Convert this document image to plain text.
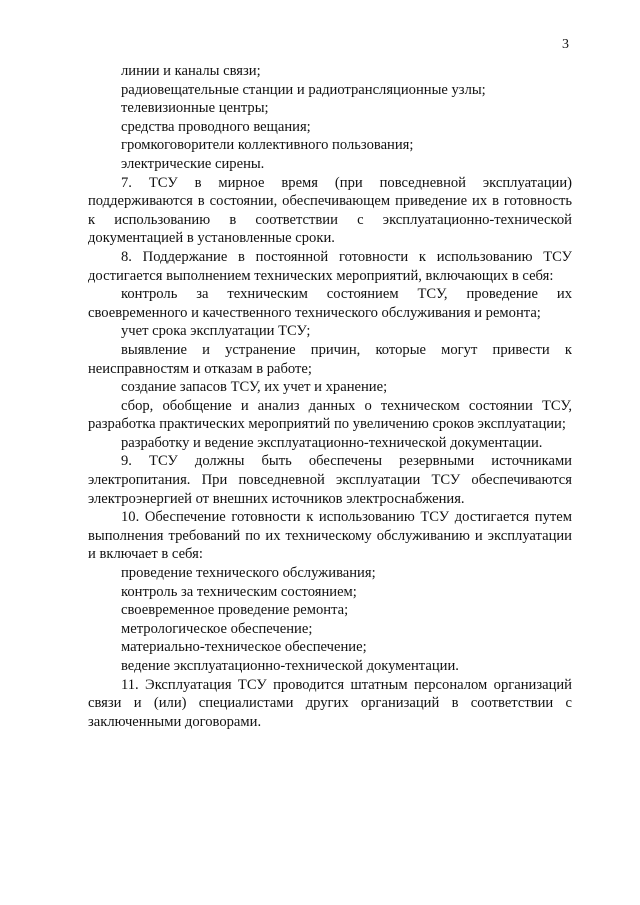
3

линии и каналы связи;

радиовещательные станции и радиотрансляционные узлы;

телевизионные центры;

средства проводного вещания;

громкоговорители коллективного пользования;

электрические сирены.

7. ТСУ в мирное время (при повседневной эксплуатации) поддерживаются в состоянии, обеспечивающем приведение их в готовность к использованию в соответствии с эксплуатационно-технической документацией в установленные сроки.

8. Поддержание в постоянной готовности к использованию ТСУ достигается выполнением технических мероприятий, включающих в себя:

контроль за техническим состоянием ТСУ, проведение их своевременного и качественного технического обслуживания и ремонта;

учет срока эксплуатации ТСУ;

выявление и устранение причин, которые могут привести к неисправностям и отказам в работе;

создание запасов ТСУ, их учет и хранение;

сбор, обобщение и анализ данных о техническом состоянии ТСУ, разработка практических мероприятий по увеличению сроков эксплуатации;

разработку и ведение эксплуатационно-технической документации.

9. ТСУ должны быть обеспечены резервными источниками электропитания. При повседневной эксплуатации ТСУ обеспечиваются электроэнергией от внешних источников электроснабжения.

10. Обеспечение готовности к использованию ТСУ достигается путем выполнения требований по их техническому обслуживанию и эксплуатации и включает в себя:

проведение технического обслуживания;

контроль за техническим состоянием;

своевременное проведение ремонта;

метрологическое обеспечение;

материально-техническое обеспечение;

ведение эксплуатационно-технической документации.

11. Эксплуатация ТСУ проводится штатным персоналом организаций связи и (или) специалистами других организаций в соответствии с заключенными договорами.
